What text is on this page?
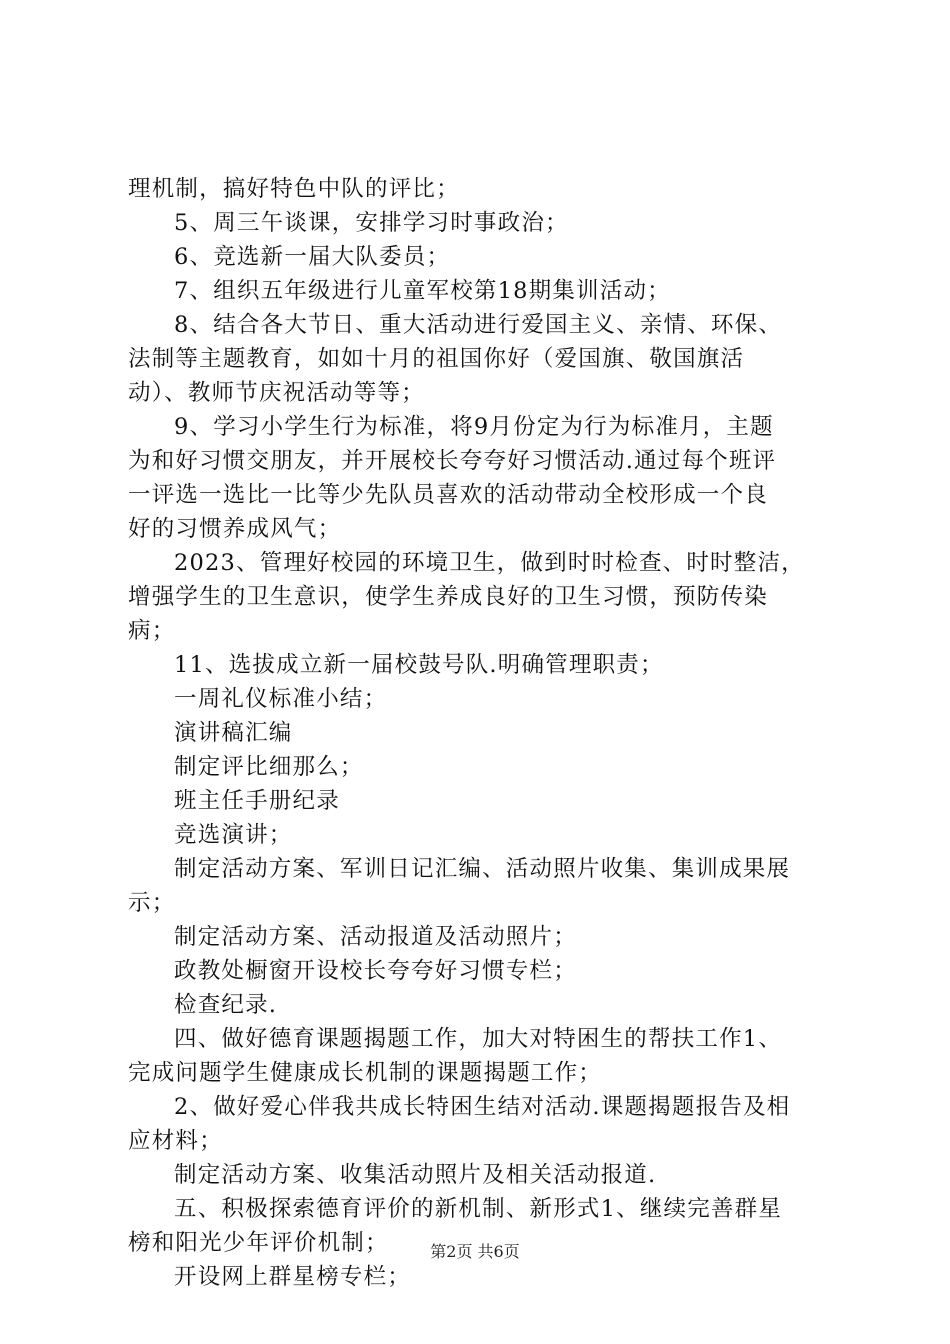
理机制，搞好特色中队的评比；
5、周三午谈课，安排学习时事政治；
6、竞选新一届大队委员；
7、组织五年级进行儿童军校第18期集训活动；
8、结合各大节日、重大活动进行爱国主义、亲情、环保、
法制等主题教育，如如十月的祖国你好（爱国旗、敬国旗活
动）、教师节庆祝活动等等；
9、学习小学生行为标准，将9月份定为行为标准月，主题
为和好习惯交朋友，并开展校长夸夸好习惯活动.通过每个班评
一评选一选比一比等少先队员喜欢的活动带动全校形成一个良
好的习惯养成风气；
2023、管理好校园的环境卫生，做到时时检查、时时整洁，
增强学生的卫生意识，使学生养成良好的卫生习惯，预防传染
病；
11、选拔成立新一届校鼓号队.明确管理职责；
一周礼仪标准小结；
演讲稿汇编
制定评比细那么；
班主任手册纪录
竞选演讲；
制定活动方案、军训日记汇编、活动照片收集、集训成果展
示；
制定活动方案、活动报道及活动照片；
政教处橱窗开设校长夸夸好习惯专栏；
检查纪录.
四、做好德育课题揭题工作，加大对特困生的帮扶工作1、
完成问题学生健康成长机制的课题揭题工作；
2、做好爱心伴我共成长特困生结对活动.课题揭题报告及相
应材料；
制定活动方案、收集活动照片及相关活动报道.
五、积极探索德育评价的新机制、新形式1、继续完善群星
榜和阳光少年评价机制；
开设网上群星榜专栏；
第2页 共6页
